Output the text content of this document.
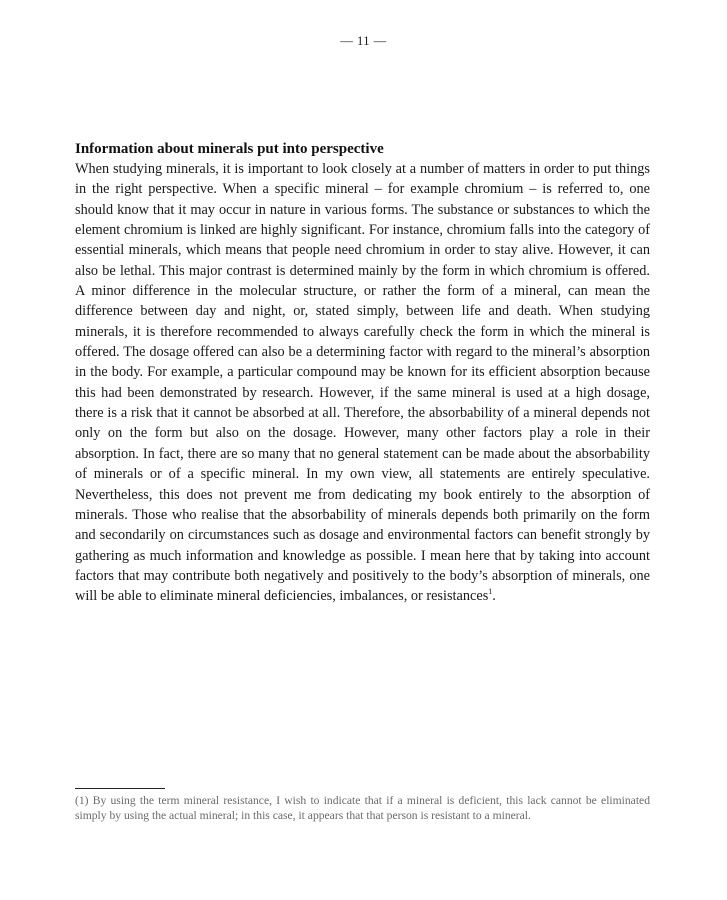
— 11 —
Information about minerals put into perspective

When studying minerals, it is important to look closely at a number of matters in order to put things in the right perspective. When a specific mineral – for example chromium – is referred to, one should know that it may occur in nature in various forms. The substance or substances to which the element chromium is linked are highly significant. For instance, chromium falls into the category of essential minerals, which means that people need chromium in order to stay alive. However, it can also be lethal. This major contrast is determined mainly by the form in which chromium is offered. A minor difference in the molecular structure, or rather the form of a mineral, can mean the difference between day and night, or, stated simply, between life and death. When studying minerals, it is therefore recommended to always carefully check the form in which the mineral is offered. The dosage offered can also be a determining factor with regard to the mineral’s absorption in the body. For example, a particular compound may be known for its efficient absorption because this had been demonstrated by research. However, if the same mineral is used at a high dosage, there is a risk that it cannot be absorbed at all. Therefore, the absorbability of a mineral depends not only on the form but also on the dosage. However, many other factors play a role in their absorption. In fact, there are so many that no general statement can be made about the absorbability of minerals or of a specific mineral. In my own view, all statements are entirely speculative. Nevertheless, this does not prevent me from dedicating my book entirely to the absorption of minerals. Those who realise that the absorbability of minerals depends both primarily on the form and secondarily on circumstances such as dosage and environmental factors can benefit strongly by gathering as much information and knowledge as possible. I mean here that by taking into account factors that may contribute both negatively and positively to the body’s absorption of minerals, one will be able to eliminate mineral deficiencies, imbalances, or resistances$^1$.

(1) By using the term mineral resistance, I wish to indicate that if a mineral is deficient, this lack cannot be eliminated simply by using the actual mineral; in this case, it appears that that person is resistant to a mineral.
